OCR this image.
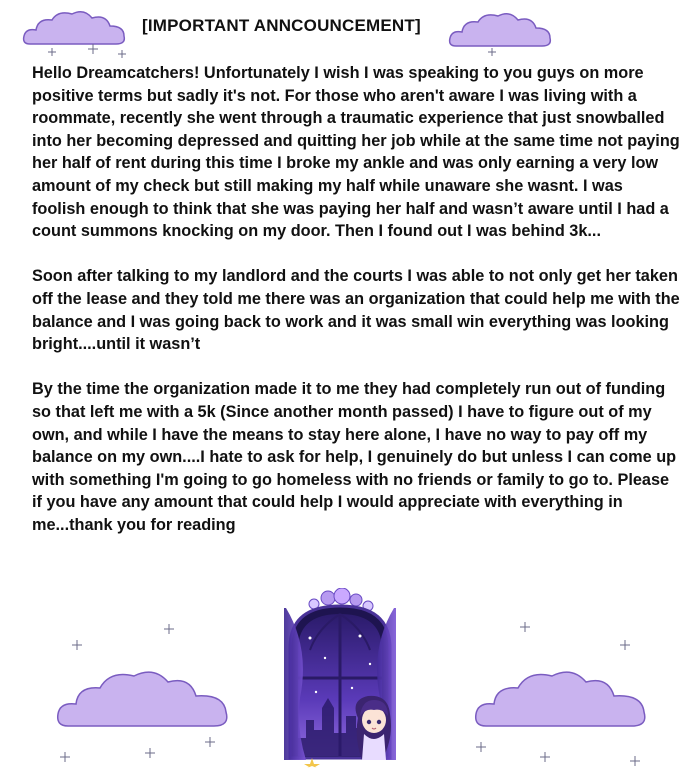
[IMPORTANT ANNCOUNCEMENT]

Hello Dreamcatchers! Unfortunately I wish I was speaking to you guys on more positive terms but sadly it's not. For those who aren't aware I was living with a roommate, recently she went through a traumatic experience that just snowballed into her becoming depressed and quitting her job while at the same time not paying her half of rent during this time I broke my ankle and was only earning a very low amount of my check but still making my half while unaware she wasnt. I was foolish enough to think that she was paying her half and wasn’t aware until I had a count summons knocking on my door. Then I found out I was behind 3k...

Soon after talking to my landlord and the courts I was able to not only get her taken off the lease and they told me there was an organization that could help me with the balance and I was going back to work and it was small win everything was looking bright....until it wasn’t

By the time the organization made it to me they had completely run out of funding so that left me with a 5k (Since another month passed) I have to figure out of my own, and while I have the means to stay here alone, I have no way to pay off my balance on my own....I hate to ask for help, I genuinely do but unless I can come up with something I'm going to go homeless with no friends or family to go to. Please if you have any amount that could help I would appreciate with everything in me...thank you for reading
